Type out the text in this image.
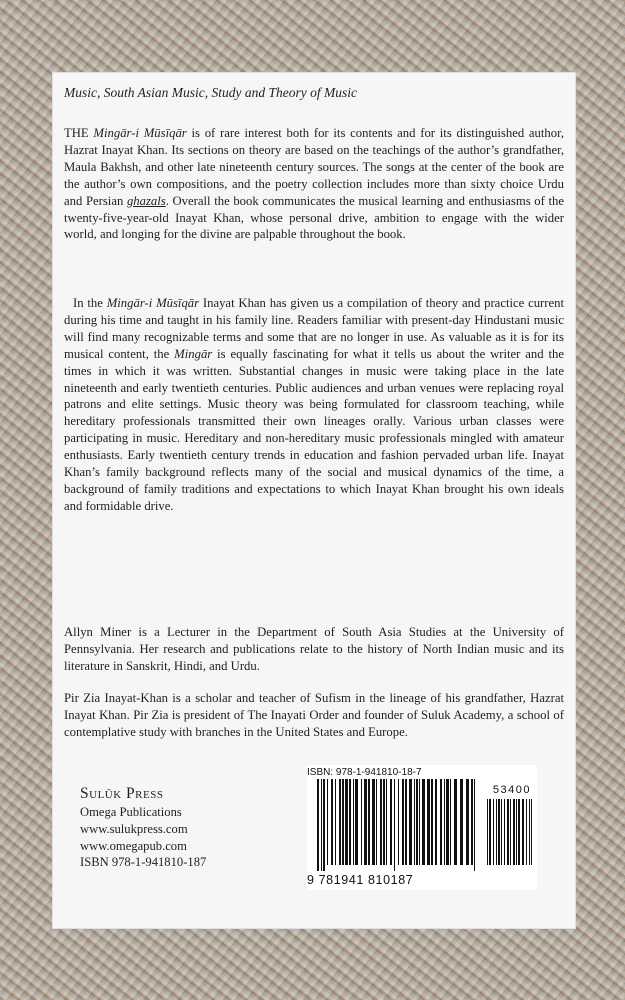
Music, South Asian Music, Study and Theory of Music

THE Mingār-i Mūsīqār is of rare interest both for its contents and for its distinguished author, Hazrat Inayat Khan. Its sections on theory are based on the teachings of the author’s grandfather, Maula Bakhsh, and other late nineteenth century sources. The songs at the center of the book are the author’s own compositions, and the poetry collection includes more than sixty choice Urdu and Persian ghazals. Overall the book communicates the musical learning and enthusiasms of the twenty-five-year-old Inayat Khan, whose personal drive, ambition to engage with the wider world, and longing for the divine are palpable throughout the book.

In the Mingār-i Mūsīqār Inayat Khan has given us a compilation of theory and practice current during his time and taught in his family line. Readers familiar with present-day Hindustani music will find many recognizable terms and some that are no longer in use. As valuable as it is for its musical content, the Mingār is equally fascinating for what it tells us about the writer and the times in which it was written. Substantial changes in music were taking place in the late nineteenth and early twentieth centuries. Public audiences and urban venues were replacing royal patrons and elite settings. Music theory was being formulated for classroom teaching, while hereditary professionals transmitted their own lineages orally. Various urban classes were participating in music. Hereditary and non-hereditary music professionals mingled with amateur enthusiasts. Early twentieth century trends in education and fashion pervaded urban life. Inayat Khan’s family background reflects many of the social and musical dynamics of the time, a background of family traditions and expectations to which Inayat Khan brought his own ideals and formidable drive.

Allyn Miner is a Lecturer in the Department of South Asia Studies at the University of Pennsylvania. Her research and publications relate to the history of North Indian music and its literature in Sanskrit, Hindi, and Urdu.

Pir Zia Inayat-Khan is a scholar and teacher of Sufism in the lineage of his grandfather, Hazrat Inayat Khan. Pir Zia is president of The Inayati Order and founder of Suluk Academy, a school of contemplative study with branches in the United States and Europe.

Sulūk Press
Omega Publications
www.sulukpress.com
www.omegapub.com
ISBN 978-1-941810-187
ISBN: 978-1-941810-18-7
53400
9 781941 810187
